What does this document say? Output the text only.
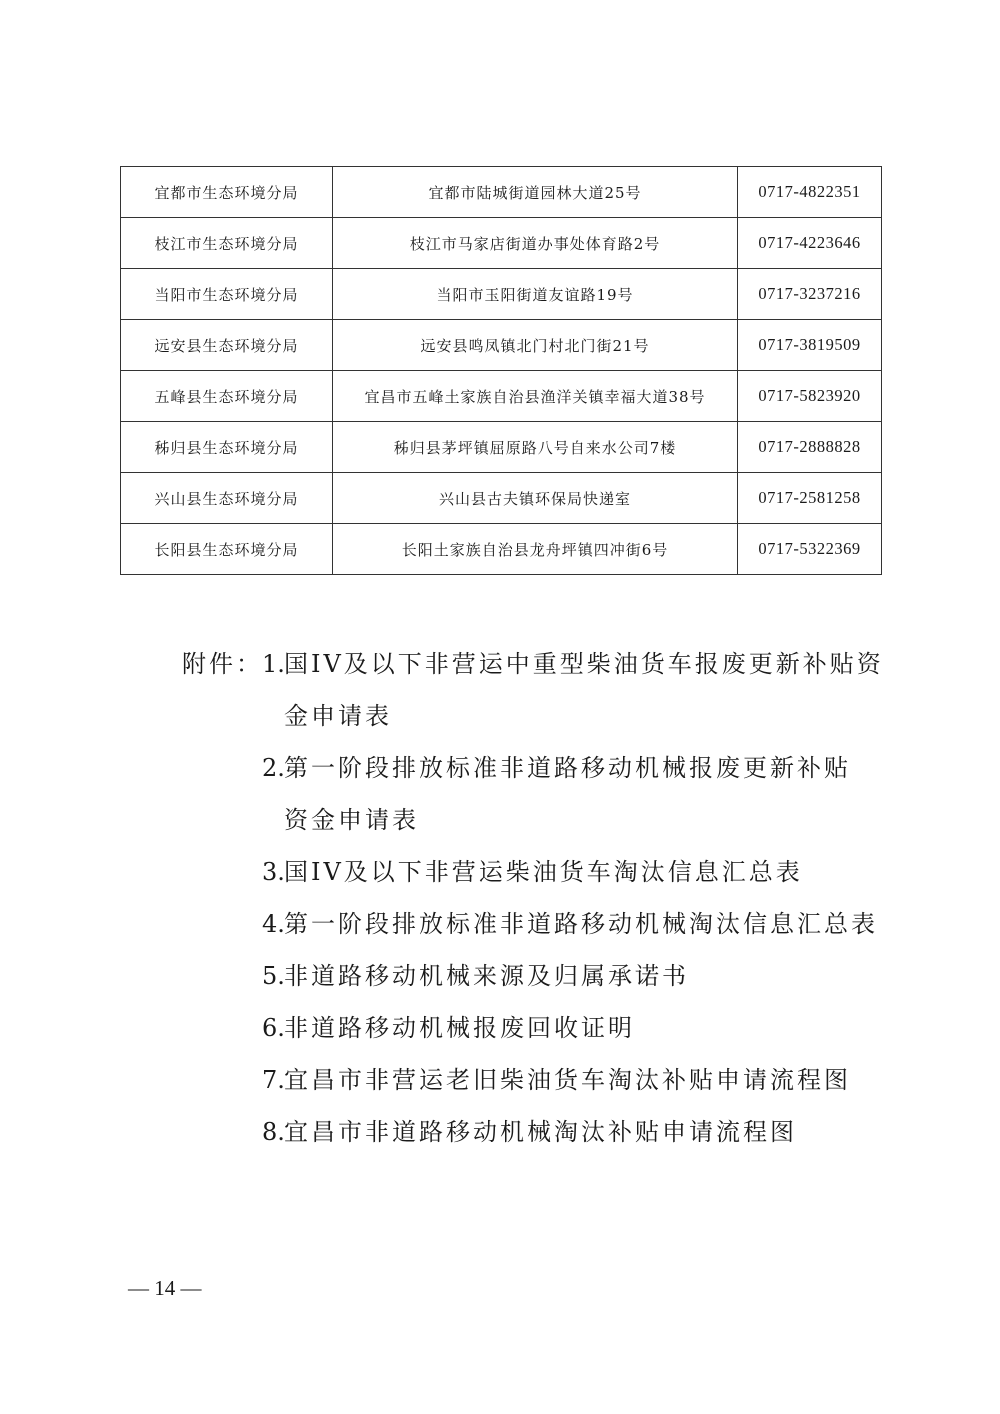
宜都市生态环境分局	宜都市陆城街道园林大道25号	0717-4822351
枝江市生态环境分局	枝江市马家店街道办事处体育路2号	0717-4223646
当阳市生态环境分局	当阳市玉阳街道友谊路19号	0717-3237216
远安县生态环境分局	远安县鸣凤镇北门村北门街21号	0717-3819509
五峰县生态环境分局	宜昌市五峰土家族自治县渔洋关镇幸福大道38号	0717-5823920
秭归县生态环境分局	秭归县茅坪镇屈原路八号自来水公司7楼	0717-2888828
兴山县生态环境分局	兴山县古夫镇环保局快递室	0717-2581258
长阳县生态环境分局	长阳土家族自治县龙舟坪镇四冲街6号	0717-5322369
附件： 1. 国IV及以下非营运中重型柴油货车报废更新补贴资
金申请表
2. 第一阶段排放标准非道路移动机械报废更新补贴
资金申请表
3. 国IV及以下非营运柴油货车淘汰信息汇总表
4. 第一阶段排放标准非道路移动机械淘汰信息汇总表
5. 非道路移动机械来源及归属承诺书
6. 非道路移动机械报废回收证明
7. 宜昌市非营运老旧柴油货车淘汰补贴申请流程图
8. 宜昌市非道路移动机械淘汰补贴申请流程图
— 14 —
